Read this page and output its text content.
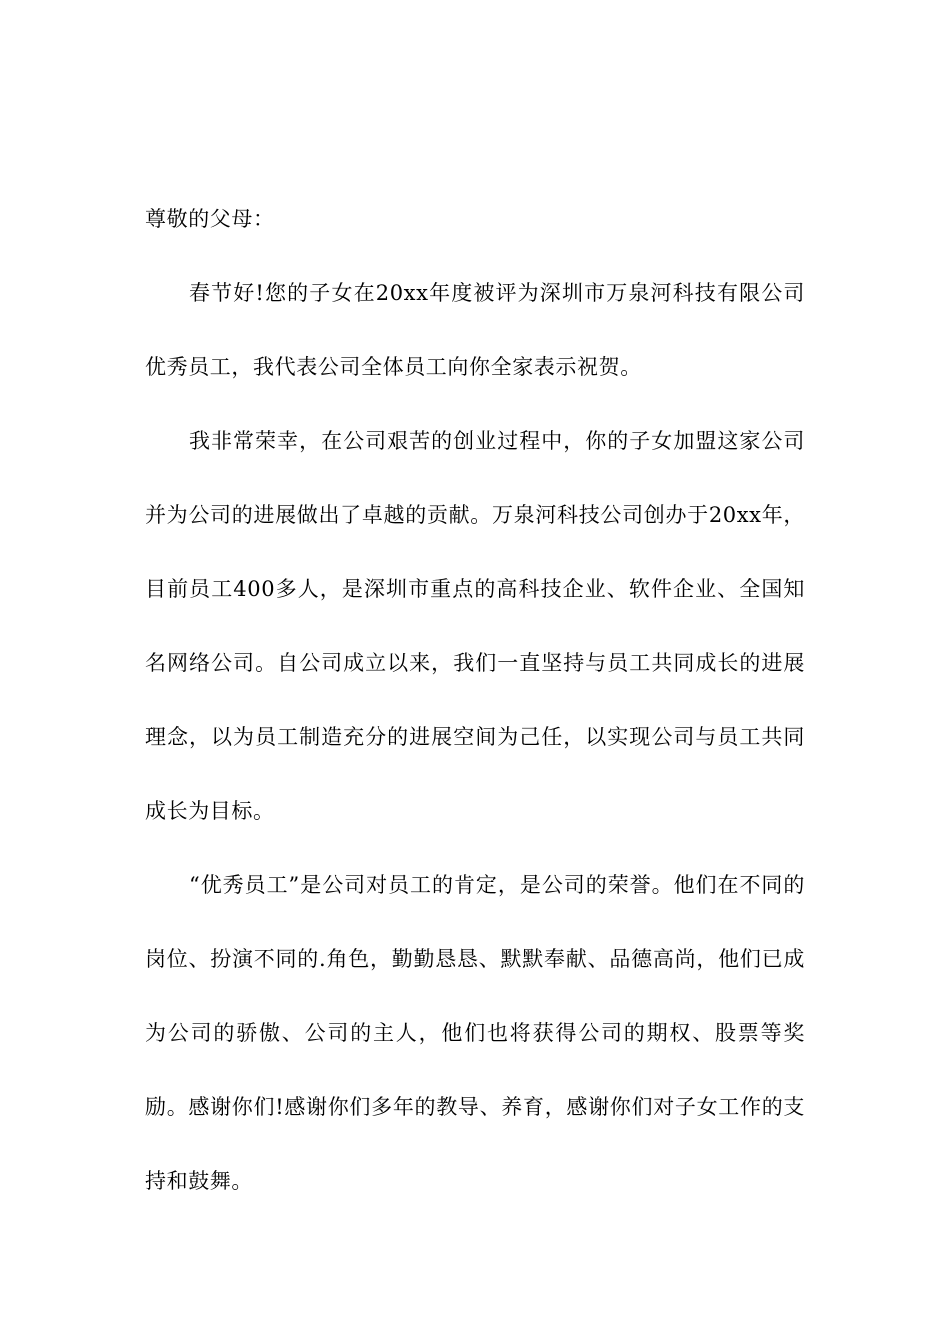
尊敬的父母：

春节好!您的子女在20xx年度被评为深圳市万泉河科技有限公司优秀员工，我代表公司全体员工向你全家表示祝贺。

我非常荣幸，在公司艰苦的创业过程中，你的子女加盟这家公司并为公司的进展做出了卓越的贡献。万泉河科技公司创办于20xx年，目前员工400多人，是深圳市重点的高科技企业、软件企业、全国知名网络公司。自公司成立以来，我们一直坚持与员工共同成长的进展理念，以为员工制造充分的进展空间为己任，以实现公司与员工共同成长为目标。

“优秀员工”是公司对员工的肯定，是公司的荣誉。他们在不同的岗位、扮演不同的.角色，勤勤恳恳、默默奉献、品德高尚，他们已成为公司的骄傲、公司的主人，他们也将获得公司的期权、股票等奖励。感谢你们!感谢你们多年的教导、养育，感谢你们对子女工作的支持和鼓舞。
